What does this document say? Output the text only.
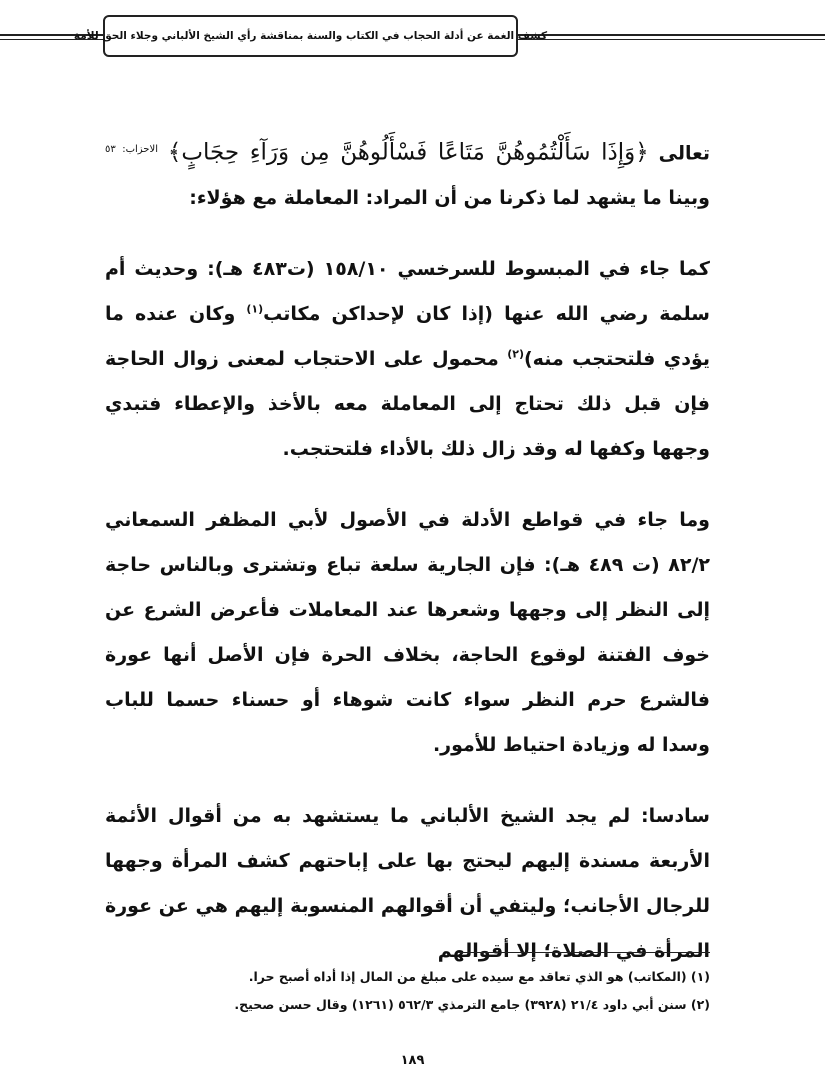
كشف الغمة عن أدلة الحجاب في الكتاب والسنة بمناقشة رأي الشيخ الألباني وجلاء الحق للأمة

تعالى ﴿وَإِذَا سَأَلْتُمُوهُنَّ مَتَاعًا فَسْأَلُوهُنَّ مِن وَرَآءِ حِجَابٍ﴾ $^{الاحزاب: ٥٣}$ وبينا ما يشهد لما ذكرنا من أن المراد: المعاملة مع هؤلاء:

كما جاء في المبسوط للسرخسي ١٥٨/١٠ (ت٤٨٣ هـ): وحديث أم سلمة رضي الله عنها (إذا كان لإحداكن مكاتب$^{(١)}$ وكان عنده ما يؤدي فلتحتجب منه)$^{(٢)}$ محمول على الاحتجاب لمعنى زوال الحاجة فإن قبل ذلك تحتاج إلى المعاملة معه بالأخذ والإعطاء فتبدي وجهها وكفها له وقد زال ذلك بالأداء فلتحتجب.

وما جاء في قواطع الأدلة في الأصول لأبي المظفر السمعاني ٨٢/٢ (ت ٤٨٩ هـ): فإن الجارية سلعة تباع وتشترى وبالناس حاجة إلى النظر إلى وجهها وشعرها عند المعاملات فأعرض الشرع عن خوف الفتنة لوقوع الحاجة، بخلاف الحرة فإن الأصل أنها عورة فالشرع حرم النظر سواء كانت شوهاء أو حسناء حسما للباب وسدا له وزيادة احتياط للأمور.

سادسا: لم يجد الشيخ الألباني ما يستشهد به من أقوال الأئمة الأربعة مسندة إليهم ليحتج بها على إباحتهم كشف المرأة وجهها للرجال الأجانب؛ وليتفي أن أقوالهم المنسوبة إليهم هي عن عورة المرأة في الصلاة؛ إلا أقوالهم

(١) (المكاتب) هو الذي تعاقد مع سيده على مبلغ من المال إذا أداه أصبح حرا.

(٢) سنن أبي داود ٢١/٤ (٣٩٢٨) جامع الترمذي ٥٦٢/٣ (١٢٦١) وقال حسن صحيح.

١٨٩
